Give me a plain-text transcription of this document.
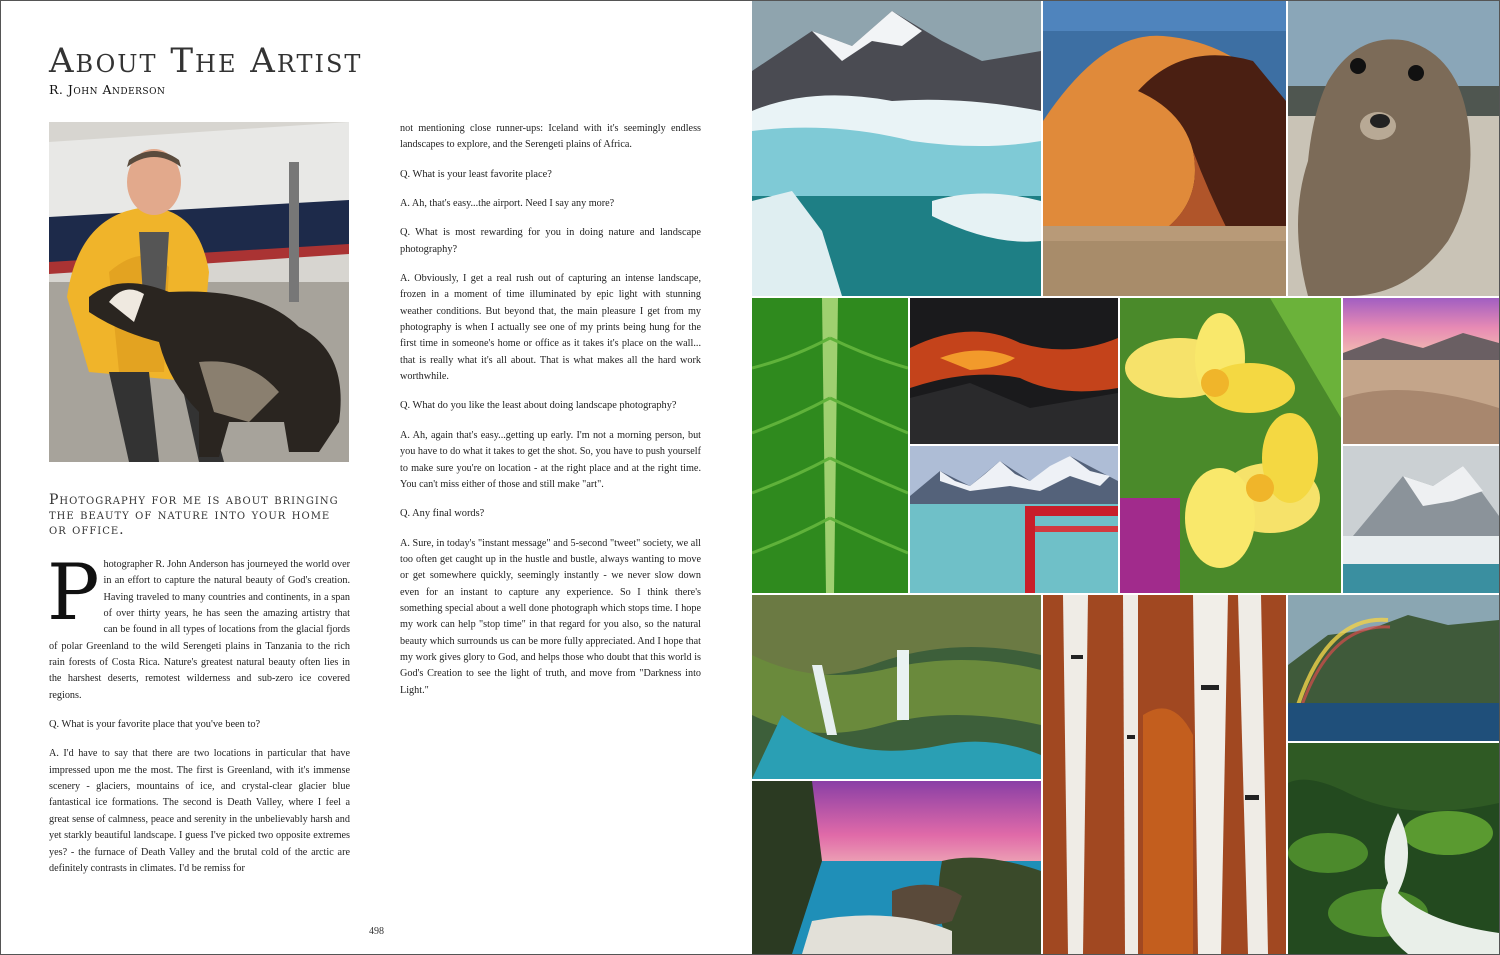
About The Artist
R. John Anderson
Photography for me is about bringing the beauty of nature into your home or office.

Photographer R. John Anderson has journeyed the world over in an effort to capture the natural beauty of God's creation. Having traveled to many countries and continents, in a span of over thirty years, he has seen the amazing artistry that can be found in all types of locations from the glacial fjords of polar Greenland to the wild Serengeti plains in Tanzania to the rich rain forests of Costa Rica. Nature's greatest natural beauty often lies in the harshest deserts, remotest wilderness and sub-zero ice covered regions.

Q. What is your favorite place that you've been to?

A. I'd have to say that there are two locations in particular that have impressed upon me the most. The first is Greenland, with it's immense scenery - glaciers, mountains of ice, and crystal-clear glacier blue fantastical ice formations. The second is Death Valley, where I feel a great sense of calmness, peace and serenity in the unbelievably harsh and yet starkly beautiful landscape. I guess I've picked two opposite extremes yes? - the furnace of Death Valley and the brutal cold of the arctic are definitely contrasts in climates. I'd be remiss for

not mentioning close runner-ups: Iceland with it's seemingly endless landscapes to explore, and the Serengeti plains of Africa.

Q. What is your least favorite place?

A. Ah, that's easy...the airport. Need I say any more?

Q. What is most rewarding for you in doing nature and landscape photography?

A. Obviously, I get a real rush out of capturing an intense landscape, frozen in a moment of time illuminated by epic light with stunning weather conditions. But beyond that, the main pleasure I get from my photography is when I actually see one of my prints being hung for the first time in someone's home or office as it takes it's place on the wall... that is really what it's all about. That is what makes all the hard work worthwhile.

Q. What do you like the least about doing landscape photography?

A. Ah, again that's easy...getting up early. I'm not a morning person, but you have to do what it takes to get the shot. So, you have to push yourself to make sure you're on location - at the right place and at the right time. You can't miss either of those and still make "art".

Q. Any final words?

A. Sure, in today's "instant message" and 5-second "tweet" society, we all too often get caught up in the hustle and bustle, always wanting to move or get somewhere quickly, seemingly instantly - we never slow down even for an instant to capture any experience. So I think there's something special about a well done photograph which stops time. I hope my work can help "stop time" in that regard for you also, so the natural beauty which surrounds us can be more fully appreciated. And I hope that my work gives glory to God, and helps those who doubt that this world is God's Creation to see the light of truth, and move from "Darkness into Light."

498
